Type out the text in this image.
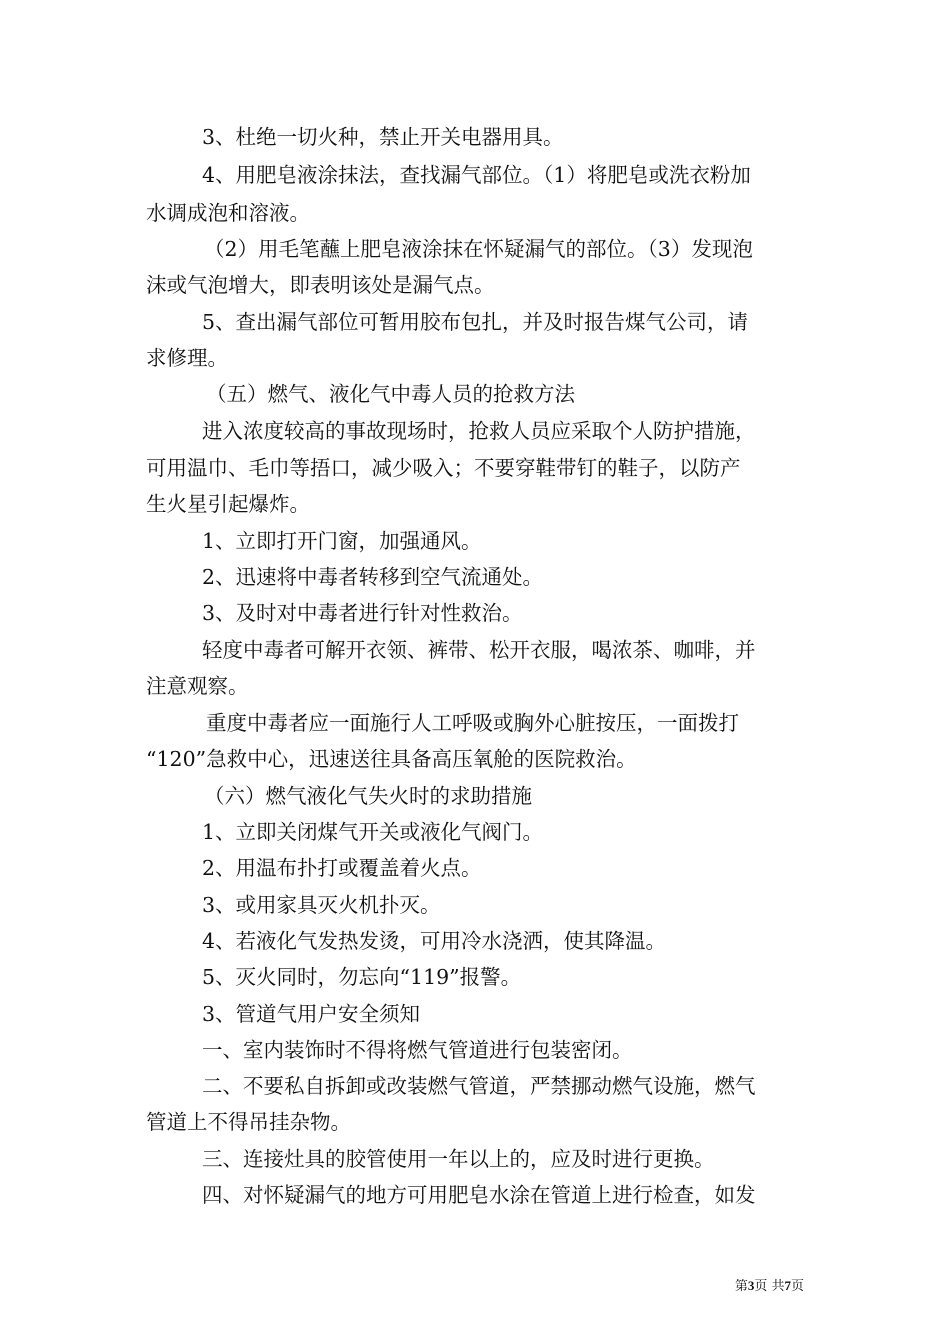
3、杜绝一切火种，禁止开关电器用具。
4、用肥皂液涂抹法，查找漏气部位。（1）将肥皂或洗衣粉加
水调成泡和溶液。
（2）用毛笔蘸上肥皂液涂抹在怀疑漏气的部位。（3）发现泡
沫或气泡增大，即表明该处是漏气点。
5、查出漏气部位可暂用胶布包扎，并及时报告煤气公司，请
求修理。
（五）燃气、液化气中毒人员的抢救方法
进入浓度较高的事故现场时，抢救人员应采取个人防护措施，
可用温巾、毛巾等捂口，减少吸入；不要穿鞋带钉的鞋子，以防产
生火星引起爆炸。
1、立即打开门窗，加强通风。
2、迅速将中毒者转移到空气流通处。
3、及时对中毒者进行针对性救治。
轻度中毒者可解开衣领、裤带、松开衣服，喝浓茶、咖啡，并
注意观察。
重度中毒者应一面施行人工呼吸或胸外心脏按压，一面拨打
“120”急救中心，迅速送往具备高压氧舱的医院救治。
（六）燃气液化气失火时的求助措施
1、立即关闭煤气开关或液化气阀门。
2、用温布扑打或覆盖着火点。
3、或用家具灭火机扑灭。
4、若液化气发热发烫，可用冷水浇洒，使其降温。
5、灭火同时，勿忘向“119”报警。
3、管道气用户安全须知
一、室内装饰时不得将燃气管道进行包装密闭。
二、不要私自拆卸或改装燃气管道，严禁挪动燃气设施，燃气
管道上不得吊挂杂物。
三、连接灶具的胶管使用一年以上的，应及时进行更换。
四、对怀疑漏气的地方可用肥皂水涂在管道上进行检查，如发
第3页 共7页
